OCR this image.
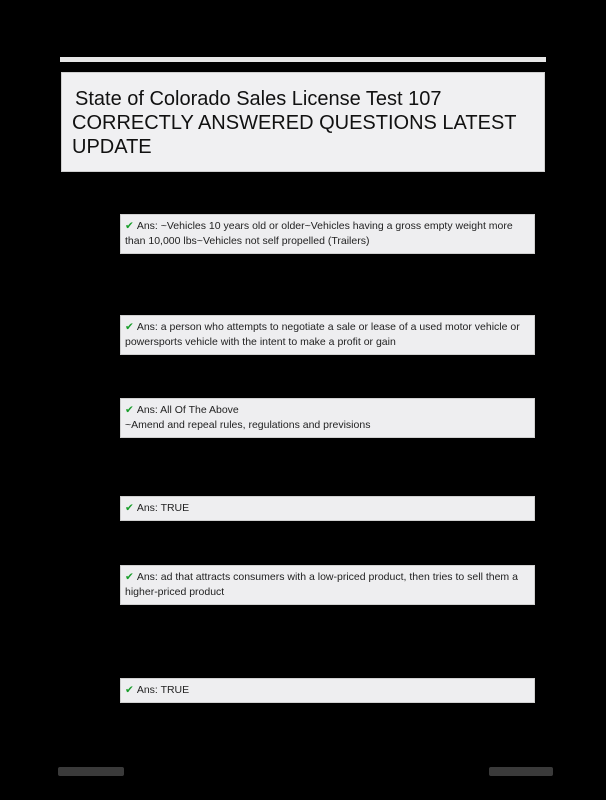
State of Colorado Sales License Test 107
CORRECTLY ANSWERED QUESTIONS LATEST UPDATE
✔ Ans: ~Vehicles 10 years old or older~Vehicles having a gross empty weight more than 10,000 lbs~Vehicles not self propelled (Trailers)
✔ Ans: a person who attempts to negotiate a sale or lease of a used motor vehicle or powersports vehicle with the intent to make a profit or gain
✔ Ans: All Of The Above
~Amend and repeal rules, regulations and previsions
✔ Ans: TRUE
✔ Ans: ad that attracts consumers with a low-priced product, then tries to sell them a higher-priced product
✔ Ans: TRUE
